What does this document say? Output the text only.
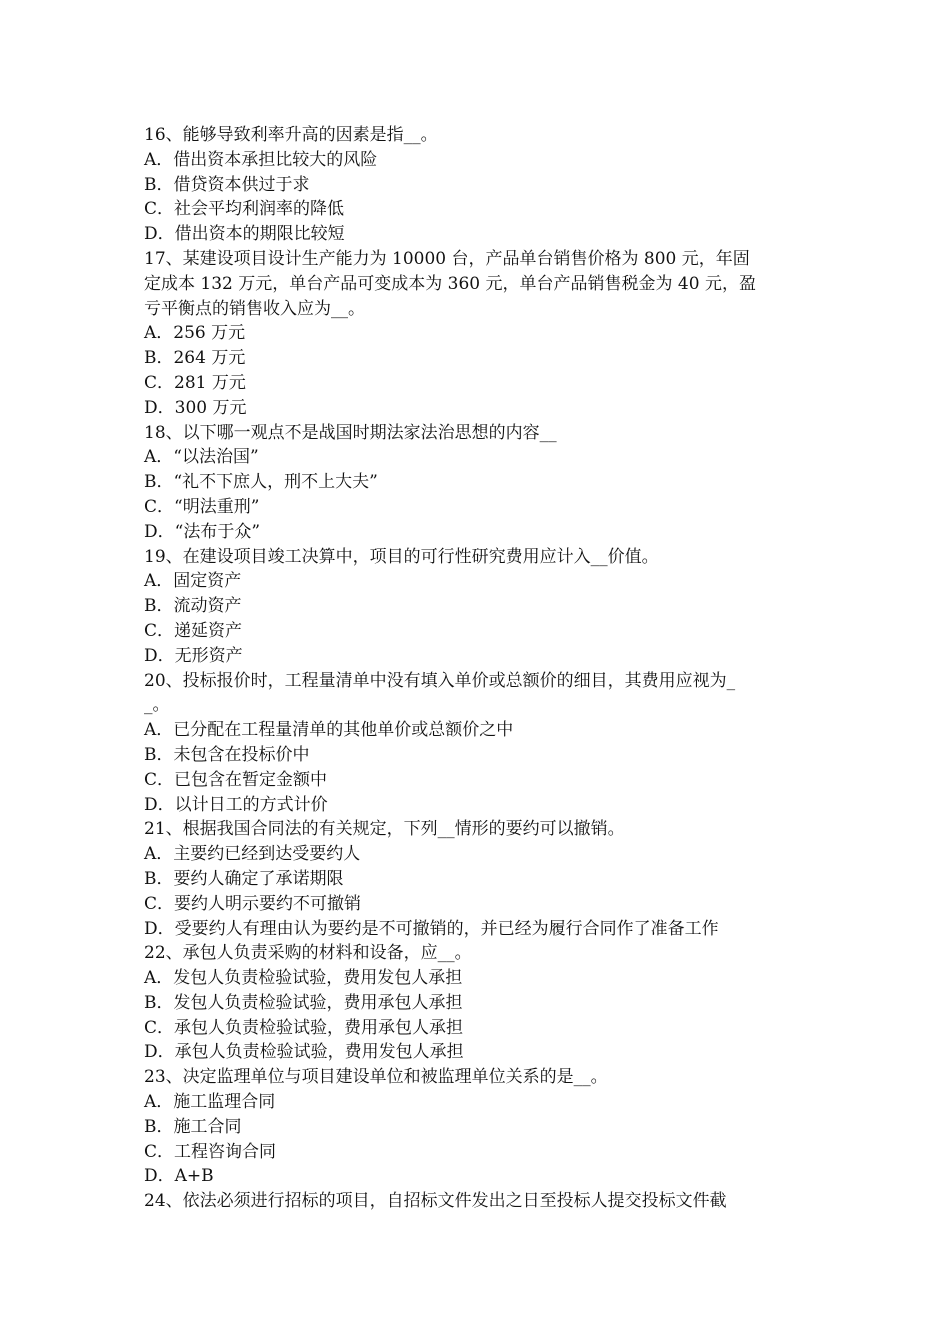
16、能够导致利率升高的因素是指__。

A．借出资本承担比较大的风险

B．借贷资本供过于求

C．社会平均利润率的降低

D．借出资本的期限比较短

17、某建设项目设计生产能力为 10000 台，产品单台销售价格为 800 元，年固

定成本 132 万元，单台产品可变成本为 360 元，单台产品销售税金为 40 元，盈

亏平衡点的销售收入应为__。

A．256 万元

B．264 万元

C．281 万元

D．300 万元

18、以下哪一观点不是战国时期法家法治思想的内容__

A．“以法治国”

B．“礼不下庶人，刑不上大夫”

C．“明法重刑”

D．“法布于众”

19、在建设项目竣工决算中，项目的可行性研究费用应计入__价值。

A．固定资产

B．流动资产

C．递延资产

D．无形资产

20、投标报价时，工程量清单中没有填入单价或总额价的细目，其费用应视为_

_。

A．已分配在工程量清单的其他单价或总额价之中

B．未包含在投标价中

C．已包含在暂定金额中

D．以计日工的方式计价

21、根据我国合同法的有关规定，下列__情形的要约可以撤销。

A．主要约已经到达受要约人

B．要约人确定了承诺期限

C．要约人明示要约不可撤销

D．受要约人有理由认为要约是不可撤销的，并已经为履行合同作了准备工作

22、承包人负责采购的材料和设备，应__。

A．发包人负责检验试验，费用发包人承担

B．发包人负责检验试验，费用承包人承担

C．承包人负责检验试验，费用承包人承担

D．承包人负责检验试验，费用发包人承担

23、决定监理单位与项目建设单位和被监理单位关系的是__。

A．施工监理合同

B．施工合同

C．工程咨询合同

D．A+B

24、依法必须进行招标的项目，自招标文件发出之日至投标人提交投标文件截
